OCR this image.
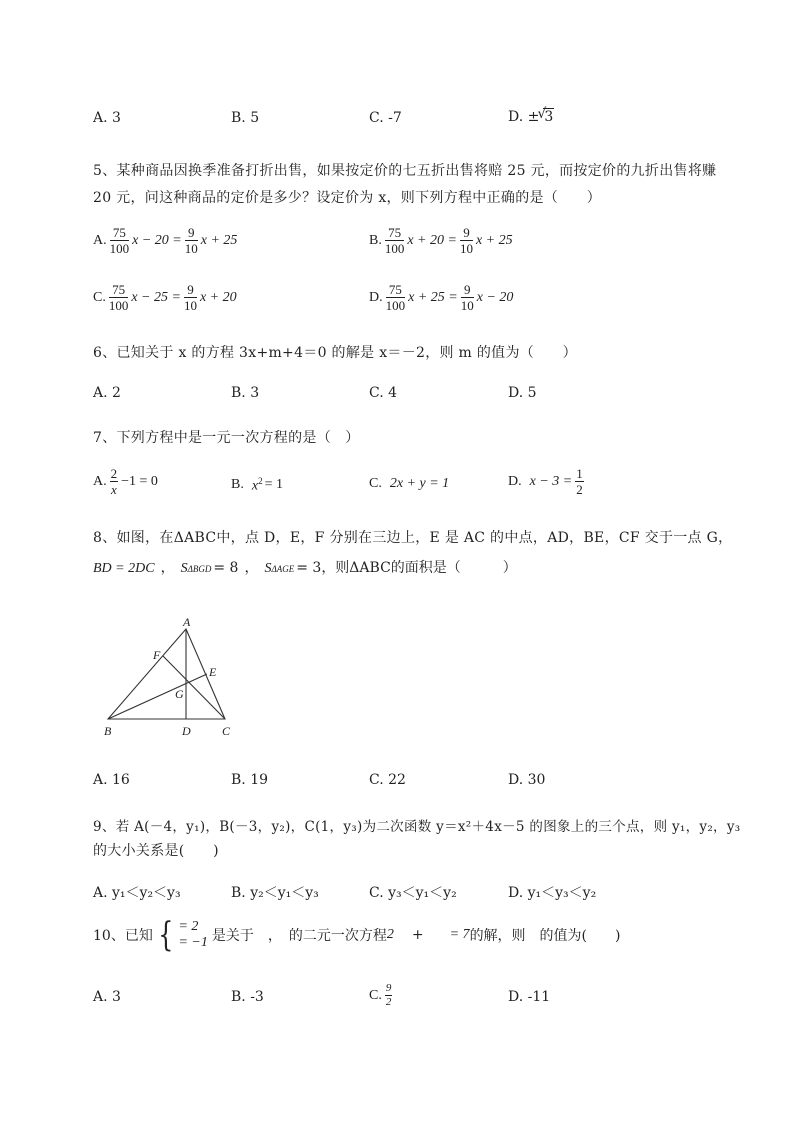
A. 3	B. 5	C. -7	D. ±
√
3
5、某种商品因换季准备打折出售，如果按定价的七五折出售将赔 25 元，而按定价的九折出售将赚
20 元，问这种商品的定价是多少？设定价为 x，则下列方程中正确的是（　　）
A. $\frac{75}{100}$ $x - 20 = \frac{9}{10}$ x + 25	B. $\frac{75}{100}$ $x + 20 = \frac{9}{10}$ x + 25
C. $\frac{75}{100}$ $x - 25 = \frac{9}{10}$ x + 20	D. $\frac{75}{100}$ $x + 25 = \frac{9}{10}$ x − 20
6、已知关于 x 的方程 3x+m+4＝0 的解是 x＝－2，则 m 的值为（　　）
A. 2	B. 3	C. 4	D. 5
7、下列方程中是一元一次方程的是（　）
A. $\frac{2}{x} -1 = 0$	B. $x^2 = 1$	C. 2x + y = 1	D. $x - 3 = \frac{1}{2}$
8、如图，在ΔABC中，点 D，E，F 分别在三边上，E 是 AC 的中点，AD，BE，CF 交于一点 G，
BD = 2DC ， S ΔBGD = 8 ， S ΔAGE = 3 ，则ΔABC的面积是（　　　）
A
F
E
G
B	D	C
A. 16	B. 19	C. 22	D. 30
9、若 A(－4，y₁)，B(－3，y₂)，C(1，y₃)为二次函数 y＝x²＋4x－5 的图象上的三个点，则 y₁，y₂，y₃
的大小关系是(　　)
A. y₁＜y₂＜y₃	B. y₂＜y₁＜y₃	C. y₃＜y₁＜y₂	D. y₁＜y₃＜y₂
10、已知 { = 2
= −1 是关于　，　的二元一次方程 2 + = 7 的解，则　的值为(　　)
A. 3	B. -3	C. $\frac{9}{2}$	D. -11
